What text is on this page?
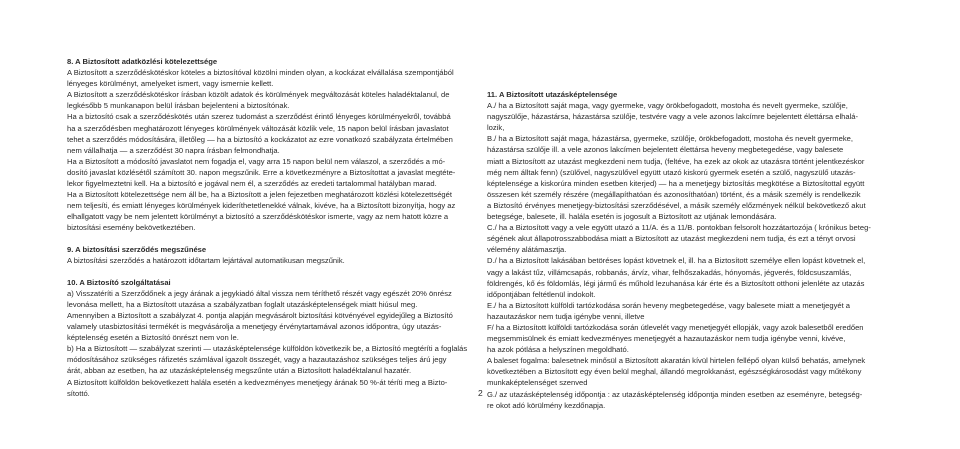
8. A Biztosított adatközlési kötelezettsége

A Biztosított a szerződéskötéskor köteles a biztosítóval közölni minden olyan, a kockázat elvállalása szempontjából

lényeges körülményt, amelyeket ismert, vagy ismernie kellett.

A Biztosított a szerződéskötéskor írásban közölt adatok és körülmények megváltozását köteles haladéktalanul, de

legkésőbb 5 munkanapon belül írásban bejelenteni a biztosítónak.

Ha a biztosító csak a szerződéskötés után szerez tudomást a szerződést érintő lényeges körülményekről, továbbá

ha a szerződésben meghatározott lényeges körülmények változását közlik vele, 15 napon belül írásban javaslatot

tehet a szerződés módosítására, illetőleg — ha a biztosító a kockázatot az ezre vonatkozó szabályzata értelmében

nem vállalhatja — a szerződést 30 napra írásban felmondhatja.

Ha a Biztosított a módosító javaslatot nem fogadja el, vagy arra 15 napon belül nem válaszol, a szerződés a mó-

dosító javaslat közlésétől számított 30. napon megszűnik. Erre a következményre a Biztosítottat a javaslat megtéte-

lekor figyelmeztetni kell. Ha a biztosító e jogával nem él, a szerződés az eredeti tartalommal hatályban marad.

Ha a Biztosított kötelezettsége nem áll be, ha a Biztosított a jelen fejezetben meghatározott közlési kötelezettségét

nem teljesíti, és emiatt lényeges körülmények kideríthetetlenekké válnak, kivéve, ha a Biztosított bizonyítja, hogy az

elhallgatott vagy be nem jelentett körülményt a biztosító a szerződéskötéskor ismerte, vagy az nem hatott közre a

biztosítási esemény bekövetkeztében.

9. A biztosítási szerződés megszűnése

A biztosítási szerződés a határozott időtartam lejártával automatikusan megszűnik.

10. A Biztosító szolgáltatásai

a) Visszatéríti a Szerződőnek a jegy árának a jegykiadó által visszа nem téríthető részét vagy egészét 20% önrész

levonása mellett, ha a Biztosított utazása a szabályzatban foglalt utazásképtelenségek miatt hiúsul meg.

Amennyiben a Biztosított a szabályzat 4. pontja alapján megvásárolt biztosítási kötvényével egyidejűleg a Biztosító

valamely utasbiztosítási termékét is megvásárolja a menetjegy érvénytartamával azonos időpontra, úgy utazás-

képtelenség esetén a Biztosító önrészt nem von le.

b) Ha a Biztosított — szabályzat szerinti — utazásképtelensége külföldön következik be, a Biztosító megtéríti a foglalás

módosításához szükséges ráfizetés számlával igazolt összegét, vagy a hazautazáshoz szükséges teljes árú jegy

árát, abban az esetben, ha az utazásképtelenség megszűnte után a Biztosított haladéktalanul hazatér.

A Biztosított külföldön bekövetkezett halála esetén a kedvezményes menetjegy árának 50 %-át téríti meg a Bizto-

sítottó.

11. A Biztosított utazásképtelensége

A./ ha a Biztosított saját maga, vagy gyermeke, vagy örökbefogadott, mostoha és nevelt gyermeke, szülője,

nagyszülője, házastársa, házastársa szülője, testvére vagy a vele azonos lakcímre bejelentett élettársa elhalá-

lozik,

B./ ha a Biztosított saját maga, házastársa, gyermeke, szülője, örökbefogadott, mostoha és nevelt gyermeke,

házastársa szülője ill. a vele azonos lakcímen bejelentett élettársa heveny megbetegedése, vagy balesete

miatt a Biztosított az utazást megkezdeni nem tudja, (feltéve, ha ezek az okok az utazásra történt jelentkezéskor

még nem álltak fenn) (szülővel, nagyszülővel együtt utazó kiskorú gyermek esetén a szülő, nagyszülő utazás-

képtelensége a kiskorúra minden esetben kiterjed) — ha a menetjegy biztosítás megkötése a Biztosítottal együtt

összesen két személy részére (megállapíthatóan és azonosíthatóan) történt, és a másik személy is rendelkezik

a Biztosító érvényes menetjegy-biztosítási szerződésével, a másik személy előzmények nélkül bekövetkező akut

betegsége, balesete, ill. halála esetén is jogosult a Biztosított az utjának lemondására.

C./ ha a Biztosított vagy a vele együtt utazó a 11/A. és a 11/B. pontokban felsorolt hozzátartozója ( krónikus beteg-

ségének akut állapotrosszabbodása miatt a Biztosított az utazást megkezdeni nem tudja, és ezt a tényt orvosi

vélemény alátámasztja.

D./ ha a Biztosított lakásában betöréses lopást követnek el, ill. ha a Biztosított személye ellen lopást követnek el,

vagy a lakást tűz, villámcsapás, robbanás, árvíz, vihar, felhőszakadás, hónyomás, jégverés, földcsuszamlás,

földrengés, kő és földomlás, légi jármű és műhold lezuhanása kár érte és a Biztosított otthoni jelenléte az utazás

időpontjában feltétlenül indokolt.

E./ ha a Biztosított külföldi tartózkodása során heveny megbetegedése, vagy balesete miatt a menetjegyét a

hazautazáskor nem tudja igénybe venni, illetve

F/ ha a Biztosított külföldi tartózkodása során útlevelét vagy menetjegyét ellopják, vagy azok balesetből eredően

megsemmisülnek és emiatt kedvezményes menetjegyét a hazautazáskor nem tudja igénybe venni, kivéve,

ha azok pótlása a helyszínen megoldható.

A baleset fogalma: balesetnek minősül a Biztosított akaratán kívül hirtelen fellépő olyan külső behatás, amelynek

következtében a Biztosított egy éven belül meghal, állandó megrokkanást, egészségkárosodást vagy műtékony

munkaképtelenséget szenved

G./ az utazásképtelenség időpontja : az utazásképtelenség időpontja minden esetben az eseményre, betegség-

re okot adó körülmény kezdőnapja.

2
